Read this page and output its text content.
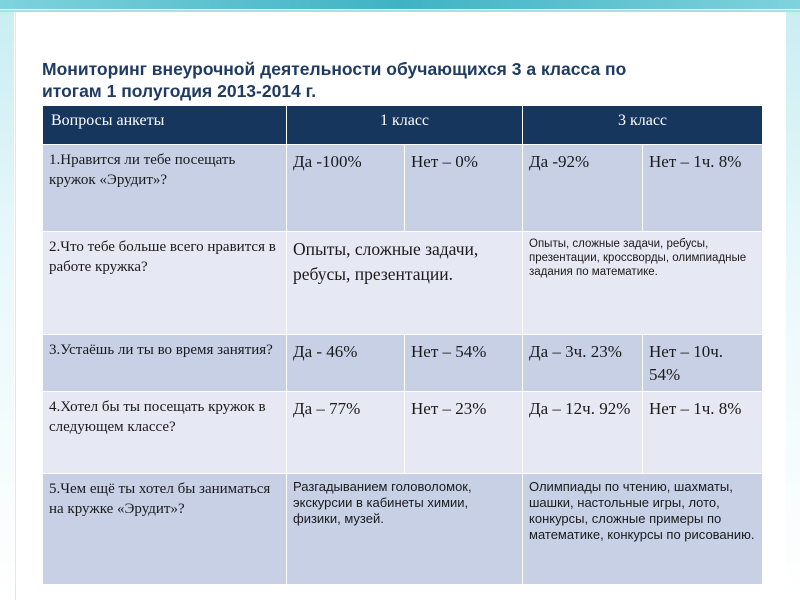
Мониторинг внеурочной деятельности обучающихся 3 а класса по
итогам 1 полугодия 2013-2014 г.
Вопросы анкеты	1 класс		3 класс	
1.Нравится ли тебе посещать кружок «Эрудит»?	Да -100%	Нет – 0%	Да -92%	Нет – 1ч. 8%
2.Что тебе больше всего нравится в работе кружка?	Опыты, сложные задачи, ребусы, презентации.		Опыты, сложные задачи, ребусы, презентации, кроссворды, олимпиадные задания по математике.	
3.Устаёшь ли ты во время занятия?	Да - 46%	Нет – 54%	Да – 3ч. 23%	Нет – 10ч. 54%
4.Хотел бы ты посещать кружок в следующем классе?	Да – 77%	Нет – 23%	Да – 12ч. 92%	Нет – 1ч. 8%
5.Чем ещё ты хотел бы заниматься на кружке «Эрудит»?	Разгадыванием головоломок, экскурсии в кабинеты химии, физики, музей.		Олимпиады по чтению, шахматы, шашки, настольные игры, лото, конкурсы, сложные примеры по математике, конкурсы по рисованию.	
